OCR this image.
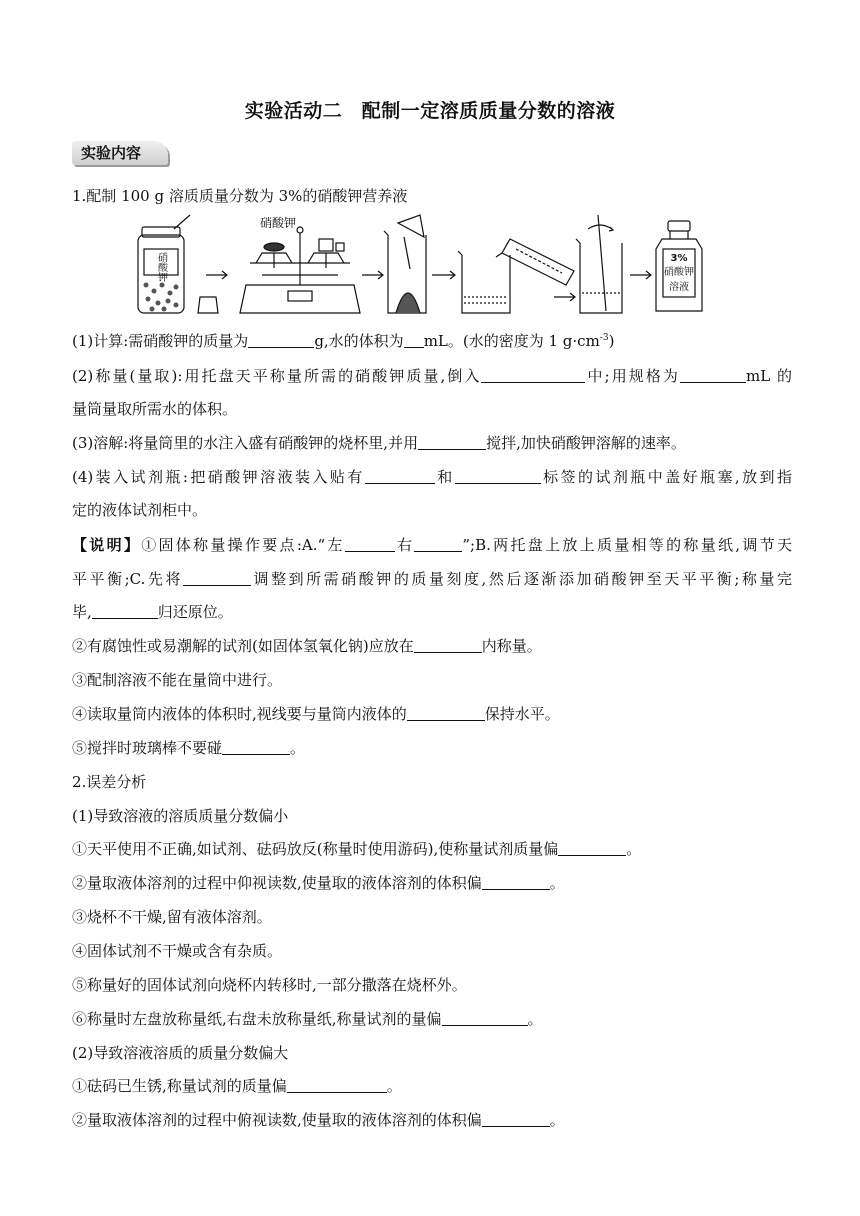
实验活动二　配制一定溶质质量分数的溶液
实验内容
1.配制 100 g 溶质质量分数为 3%的硝酸钾营养液
硝酸钾
硝酸钾
3%
硝酸钾
溶液
(1)计算:需硝酸钾的质量为	g,水的体积为 mL。(水的密度为 1 $g\cdot cm^{-3}$)
(2)称量(量取):用托盘天平称量所需的硝酸钾质量,倒入	中;用规格为	mL 的
量筒量取所需水的体积。
(3)溶解:将量筒里的水注入盛有硝酸钾的烧杯里,并用	搅拌,加快硝酸钾溶解的速率。
(4)装入试剂瓶:把硝酸钾溶液装入贴有	和	标签的试剂瓶中盖好瓶塞,放到指
定的液体试剂柜中。
【说明】①固体称量操作要点:A.“左	右	”;B.两托盘上放上质量相等的称量纸,调节天
平平衡;C.先将	调整到所需硝酸钾的质量刻度,然后逐渐添加硝酸钾至天平平衡;称量完
毕,	归还原位。
②有腐蚀性或易潮解的试剂(如固体氢氧化钠)应放在	内称量。
③配制溶液不能在量筒中进行。
④读取量筒内液体的体积时,视线要与量筒内液体的	保持水平。
⑤搅拌时玻璃棒不要碰	。
2.误差分析
(1)导致溶液的溶质质量分数偏小
①天平使用不正确,如试剂、砝码放反(称量时使用游码),使称量试剂质量偏	。
②量取液体溶剂的过程中仰视读数,使量取的液体溶剂的体积偏	。
③烧杯不干燥,留有液体溶剂。
④固体试剂不干燥或含有杂质。
⑤称量好的固体试剂向烧杯内转移时,一部分撒落在烧杯外。
⑥称量时左盘放称量纸,右盘未放称量纸,称量试剂的量偏	。
(2)导致溶液溶质的质量分数偏大
①砝码已生锈,称量试剂的质量偏	。
②量取液体溶剂的过程中俯视读数,使量取的液体溶剂的体积偏	。
